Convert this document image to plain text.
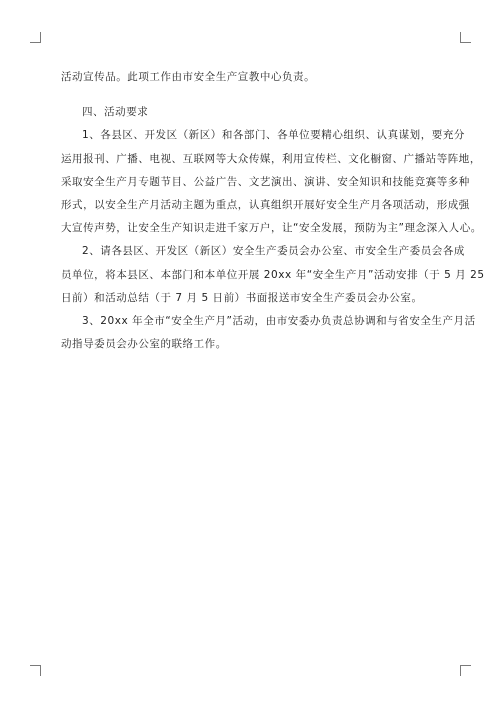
活动宣传品。此项工作由市安全生产宣教中心负责。
四、活动要求
1、各县区、开发区（新区）和各部门、各单位要精心组织、认真谋划，要充分
运用报刊、广播、电视、互联网等大众传媒，利用宣传栏、文化橱窗、广播站等阵地，
采取安全生产月专题节目、公益广告、文艺演出、演讲、安全知识和技能竞赛等多种
形式，以安全生产月活动主题为重点，认真组织开展好安全生产月各项活动，形成强
大宣传声势，让安全生产知识走进千家万户，让“安全发展，预防为主”理念深入人心。
2、请各县区、开发区（新区）安全生产委员会办公室、市安全生产委员会各成
员单位，将本县区、本部门和本单位开展 20xx 年“安全生产月”活动安排（于 5 月 25
日前）和活动总结（于 7 月 5 日前）书面报送市安全生产委员会办公室。
3、20xx 年全市“安全生产月”活动，由市安委办负责总协调和与省安全生产月活
动指导委员会办公室的联络工作。
